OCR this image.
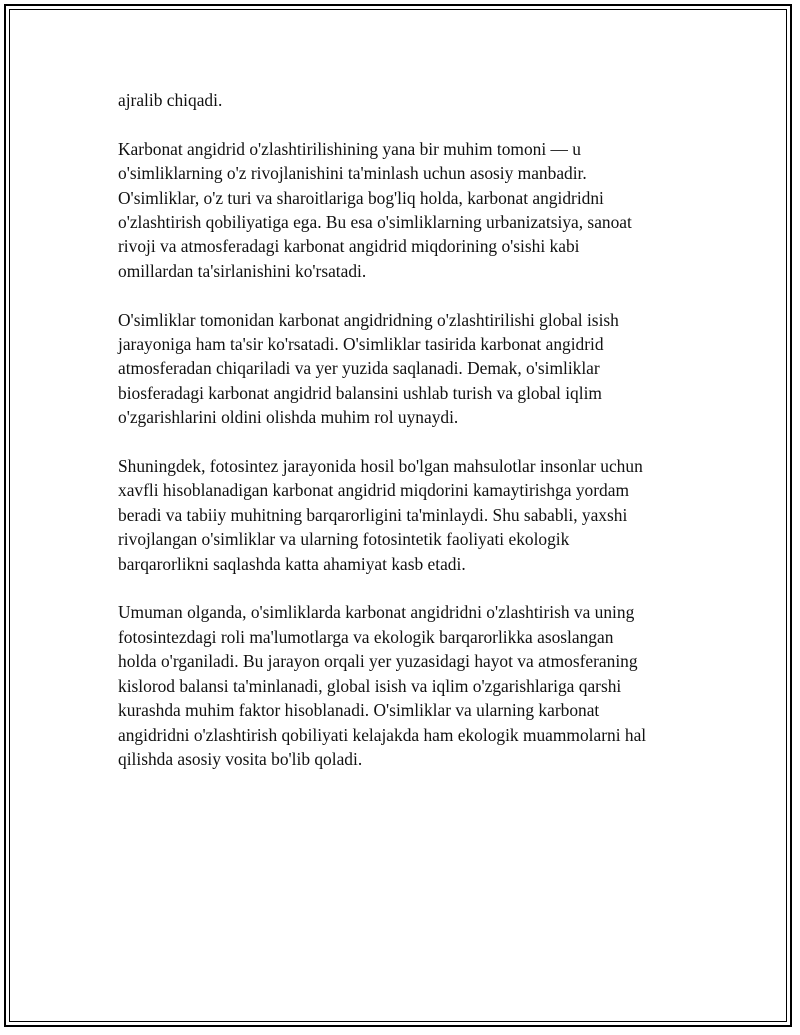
ajralib chiqadi.

Karbonat angidrid o'zlashtirilishining yana bir muhim tomoni — u
o'simliklarning o'z rivojlanishini ta'minlash uchun asosiy manbadir.
O'simliklar, o'z turi va sharoitlariga bog'liq holda, karbonat angidridni
o'zlashtirish qobiliyatiga ega. Bu esa o'simliklarning urbanizatsiya, sanoat
rivoji va atmosferadagi karbonat angidrid miqdorining o'sishi kabi
omillardan ta'sirlanishini ko'rsatadi.

O'simliklar tomonidan karbonat angidridning o'zlashtirilishi global isish
jarayoniga ham ta'sir ko'rsatadi. O'simliklar tasirida karbonat angidrid
atmosferadan chiqariladi va yer yuzida saqlanadi. Demak, o'simliklar
biosferadagi karbonat angidrid balansini ushlab turish va global iqlim
o'zgarishlarini oldini olishda muhim rol uynaydi.

Shuningdek, fotosintez jarayonida hosil bo'lgan mahsulotlar insonlar uchun
xavfli hisoblanadigan karbonat angidrid miqdorini kamaytirishga yordam
beradi va tabiiy muhitning barqarorligini ta'minlaydi. Shu sababli, yaxshi
rivojlangan o'simliklar va ularning fotosintetik faoliyati ekologik
barqarorlikni saqlashda katta ahamiyat kasb etadi.

Umuman olganda, o'simliklarda karbonat angidridni o'zlashtirish va uning
fotosintezdagi roli ma'lumotlarga va ekologik barqarorlikka asoslangan
holda o'rganiladi. Bu jarayon orqali yer yuzasidagi hayot va atmosferaning
kislorod balansi ta'minlanadi, global isish va iqlim o'zgarishlariga qarshi
kurashda muhim faktor hisoblanadi. O'simliklar va ularning karbonat
angidridni o'zlashtirish qobiliyati kelajakda ham ekologik muammolarni hal
qilishda asosiy vosita bo'lib qoladi.
